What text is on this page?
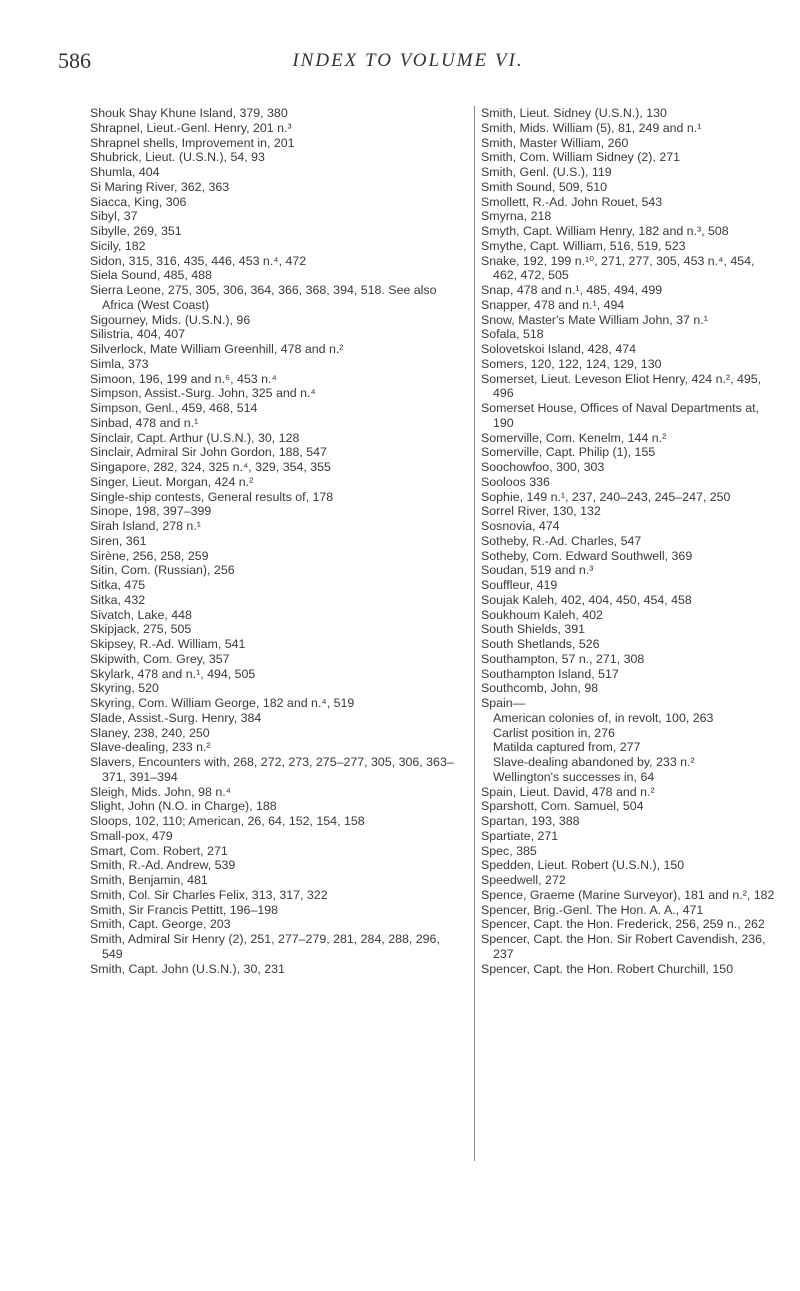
586	INDEX TO VOLUME VI.

Shouk Shay Khune Island, 379, 380

Shrapnel, Lieut.-Genl. Henry, 201 n.³

Shrapnel shells, Improvement in, 201

Shubrick, Lieut. (U.S.N.), 54, 93

Shumla, 404

Si Maring River, 362, 363

Siacca, King, 306

Sibyl, 37

Sibylle, 269, 351

Sicily, 182

Sidon, 315, 316, 435, 446, 453 n.⁴, 472

Siela Sound, 485, 488

Sierra Leone, 275, 305, 306, 364, 366, 368, 394, 518. See also Africa (West Coast)

Sigourney, Mids. (U.S.N.), 96

Silistria, 404, 407

Silverlock, Mate William Greenhill, 478 and n.²

Simla, 373

Simoon, 196, 199 and n.⁶, 453 n.⁴

Simpson, Assist.-Surg. John, 325 and n.⁴

Simpson, Genl., 459, 468, 514

Sinbad, 478 and n.¹

Sinclair, Capt. Arthur (U.S.N.), 30, 128

Sinclair, Admiral Sir John Gordon, 188, 547

Singapore, 282, 324, 325 n.⁴, 329, 354, 355

Singer, Lieut. Morgan, 424 n.²

Single-ship contests, General results of, 178

Sinope, 198, 397–399

Sirah Island, 278 n.¹

Siren, 361

Sirène, 256, 258, 259

Sitin, Com. (Russian), 256

Sitka, 475

Sitka, 432

Sivatch, Lake, 448

Skipjack, 275, 505

Skipsey, R.-Ad. William, 541

Skipwith, Com. Grey, 357

Skylark, 478 and n.¹, 494, 505

Skyring, 520

Skyring, Com. William George, 182 and n.⁴, 519

Slade, Assist.-Surg. Henry, 384

Slaney, 238, 240, 250

Slave-dealing, 233 n.²

Slavers, Encounters with, 268, 272, 273, 275–277, 305, 306, 363–371, 391–394

Sleigh, Mids. John, 98 n.⁴

Slight, John (N.O. in Charge), 188

Sloops, 102, 110; American, 26, 64, 152, 154, 158

Small-pox, 479

Smart, Com. Robert, 271

Smith, R.-Ad. Andrew, 539

Smith, Benjamin, 481

Smith, Col. Sir Charles Felix, 313, 317, 322

Smith, Sir Francis Pettitt, 196–198

Smith, Capt. George, 203

Smith, Admiral Sir Henry (2), 251, 277–279, 281, 284, 288, 296, 549

Smith, Capt. John (U.S.N.), 30, 231

Smith, Lieut. Sidney (U.S.N.), 130

Smith, Mids. William (5), 81, 249 and n.¹

Smith, Master William, 260

Smith, Com. William Sidney (2), 271

Smith, Genl. (U.S.), 119

Smith Sound, 509, 510

Smollett, R.-Ad. John Rouet, 543

Smyrna, 218

Smyth, Capt. William Henry, 182 and n.³, 508

Smythe, Capt. William, 516, 519, 523

Snake, 192, 199 n.¹⁰, 271, 277, 305, 453 n.⁴, 454, 462, 472, 505

Snap, 478 and n.¹, 485, 494, 499

Snapper, 478 and n.¹, 494

Snow, Master's Mate William John, 37 n.¹

Sofala, 518

Solovetskoi Island, 428, 474

Somers, 120, 122, 124, 129, 130

Somerset, Lieut. Leveson Eliot Henry, 424 n.², 495, 496

Somerset House, Offices of Naval Departments at, 190

Somerville, Com. Kenelm, 144 n.²

Somerville, Capt. Philip (1), 155

Soochowfoo, 300, 303

Sooloos 336

Sophie, 149 n.¹, 237, 240–243, 245–247, 250

Sorrel River, 130, 132

Sosnovia, 474

Sotheby, R.-Ad. Charles, 547

Sotheby, Com. Edward Southwell, 369

Soudan, 519 and n.³

Souffleur, 419

Soujak Kaleh, 402, 404, 450, 454, 458

Soukhoum Kaleh, 402

South Shields, 391

South Shetlands, 526

Southampton, 57 n., 271, 308

Southampton Island, 517

Southcomb, John, 98

Spain—

American colonies of, in revolt, 100, 263

Carlist position in, 276

Matilda captured from, 277

Slave-dealing abandoned by, 233 n.²

Wellington's successes in, 64

Spain, Lieut. David, 478 and n.²

Sparshott, Com. Samuel, 504

Spartan, 193, 388

Spartiate, 271

Spec, 385

Spedden, Lieut. Robert (U.S.N.), 150

Speedwell, 272

Spence, Graeme (Marine Surveyor), 181 and n.², 182

Spencer, Brig.-Genl. The Hon. A. A., 471

Spencer, Capt. the Hon. Frederick, 256, 259 n., 262

Spencer, Capt. the Hon. Sir Robert Cavendish, 236, 237

Spencer, Capt. the Hon. Robert Churchill, 150
